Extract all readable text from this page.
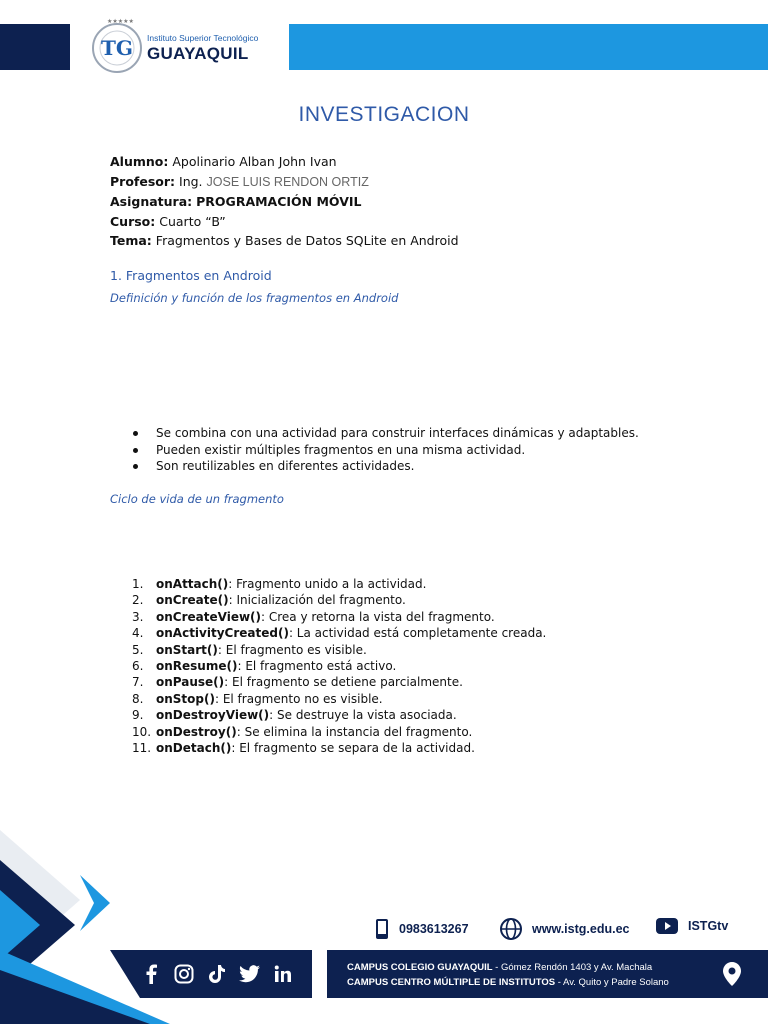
★★★★★
TG Instituto Superior Tecnológico
GUAYAQUIL
INVESTIGACION
Alumno: Apolinario Alban John Ivan
Profesor: Ing. JOSE LUIS RENDON ORTIZ
Asignatura: PROGRAMACIÓN MÓVIL
Curso: Cuarto “B”
Tema: Fragmentos y Bases de Datos SQLite en Android
1. Fragmentos en Android
Definición y función de los fragmentos en Android
Se combina con una actividad para construir interfaces dinámicas y adaptables.
Pueden existir múltiples fragmentos en una misma actividad.
Son reutilizables en diferentes actividades.
Ciclo de vida de un fragmento
1.	onAttach() : Fragmento unido a la actividad.
2.	onCreate() : Inicialización del fragmento.
3.	onCreateView() : Crea y retorna la vista del fragmento.
4.	onActivityCreated() : La actividad está completamente creada.
5.	onStart() : El fragmento es visible.
6.	onResume() : El fragmento está activo.
7.	onPause() : El fragmento se detiene parcialmente.
8.	onStop() : El fragmento no es visible.
9.	onDestroyView() : Se destruye la vista asociada.
10. onDestroy() : Se elimina la instancia del fragmento.
11. onDetach() : El fragmento se separa de la actividad.
0983613267	www.istg.edu.ec	ISTGtv
CAMPUS COLEGIO GUAYAQUIL - Gómez Rendón 1403 y Av. Machala
CAMPUS CENTRO MÚLTIPLE DE INSTITUTOS - Av. Quito y Padre Solano
